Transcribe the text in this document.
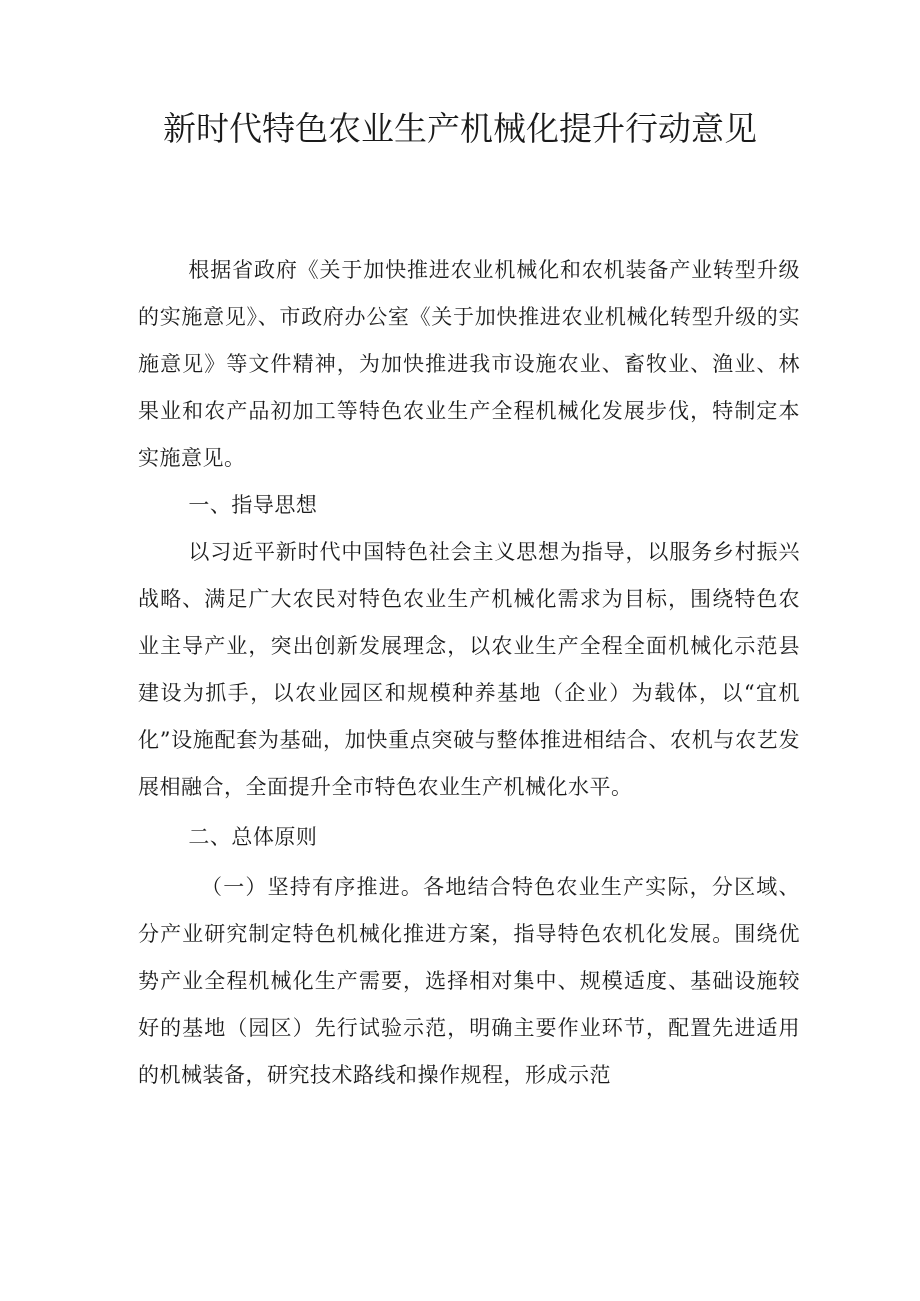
新时代特色农业生产机械化提升行动意见

根据省政府《关于加快推进农业机械化和农机装备产业转型升级的实施意见》、市政府办公室《关于加快推进农业机械化转型升级的实施意见》等文件精神，为加快推进我市设施农业、畜牧业、渔业、林果业和农产品初加工等特色农业生产全程机械化发展步伐，特制定本实施意见。

一、指导思想

以习近平新时代中国特色社会主义思想为指导，以服务乡村振兴战略、满足广大农民对特色农业生产机械化需求为目标，围绕特色农业主导产业，突出创新发展理念，以农业生产全程全面机械化示范县建设为抓手，以农业园区和规模种养基地（企业）为载体，以“宜机化”设施配套为基础，加快重点突破与整体推进相结合、农机与农艺发展相融合，全面提升全市特色农业生产机械化水平。

二、总体原则

（一）坚持有序推进。各地结合特色农业生产实际，分区域、分产业研究制定特色机械化推进方案，指导特色农机化发展。围绕优势产业全程机械化生产需要，选择相对集中、规模适度、基础设施较好的基地（园区）先行试验示范，明确主要作业环节，配置先进适用的机械装备，研究技术路线和操作规程，形成示范
